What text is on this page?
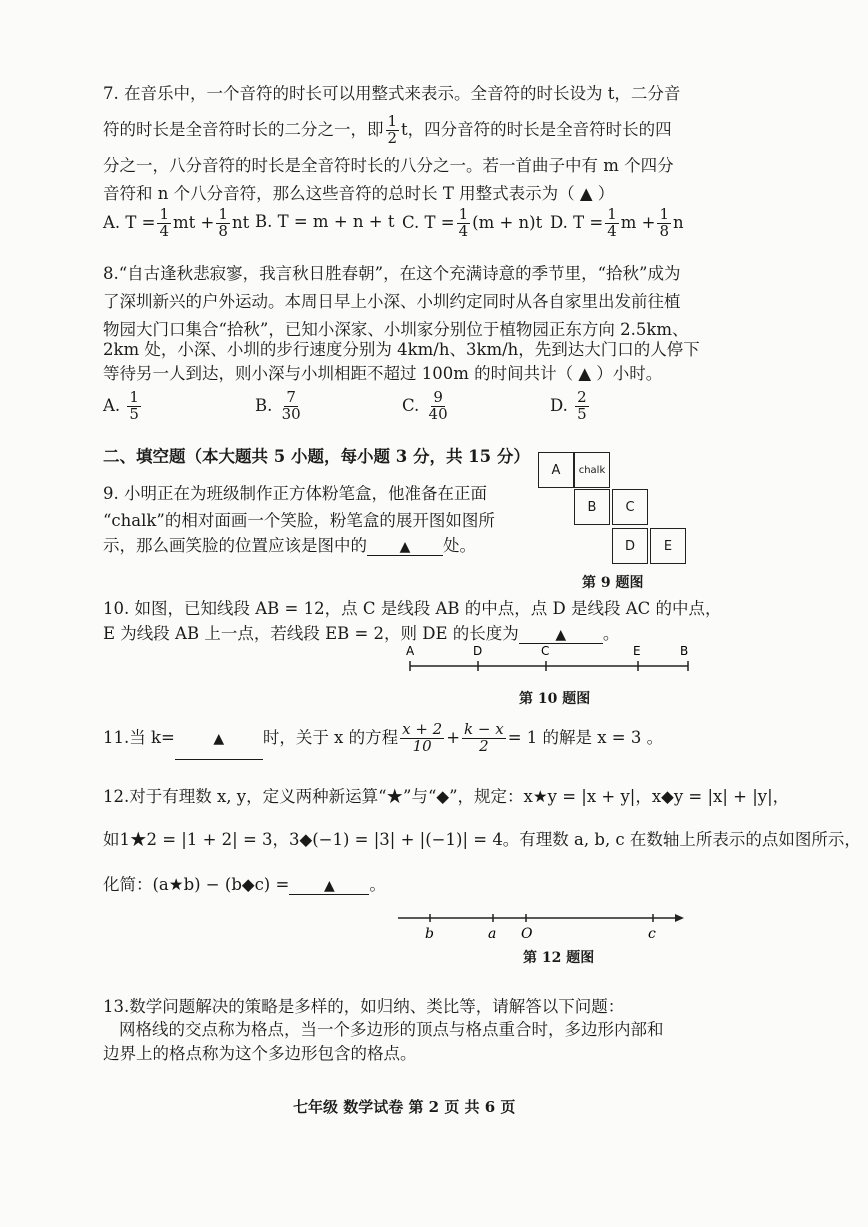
7. 在音乐中，一个音符的时长可以用整式来表示。全音符的时长设为 t，二分音
符的时长是全音符时长的二分之一，即 $\frac{1}{2}$ t，四分音符的时长是全音符时长的四
分之一，八分音符的时长是全音符时长的八分之一。若一首曲子中有 m 个四分
音符和 n 个八分音符，那么这些音符的总时长 T 用整式表示为（ ▲ ）
A. $T = \frac{1}{4}$ mt + $\frac{1}{8}$ nt B. T = m + n + t C. $T = \frac{1}{4} (m + n)t$ D. $T = \frac{1}{4}$ $m + \frac{1}{8}$ n
8.“自古逢秋悲寂寥，我言秋日胜春朝”，在这个充满诗意的季节里，“拾秋”成为
了深圳新兴的户外运动。本周日早上小深、小圳约定同时从各自家里出发前往植
物园大门口集合“拾秋”，已知小深家、小圳家分别位于植物园正东方向 2.5km、
2km 处，小深、小圳的步行速度分别为 4km/h、3km/h，先到达大门口的人停下
等待另一人到达，则小深与小圳相距不超过 100m 的时间共计（ ▲ ）小时。
A. $\frac{1}{5}$	B. $\frac{7}{30}$	C. $\frac{9}{40}$	D. $\frac{2}{5}$
二、填空题（本大题共 5 小题，每小题 3 分，共 15 分）
9. 小明正在为班级制作正方体粉笔盒，他准备在正面
“chalk”的相对面画一个笑脸，粉笔盒的展开图如图所
示，那么画笑脸的位置应该是图中的 ▲ 处。
A	chalk
B	C
D	E
第 9 题图
10. 如图，已知线段 AB = 12，点 C 是线段 AB 的中点，点 D 是线段 AC 的中点，
E 为线段 AB 上一点，若线段 EB = 2，则 DE 的长度为	▲ 。
A	D	C	E	B
第 10 题图
11.当 k=	▲ 时，关于 x 的方程 $\frac{x + 2}{10} + \frac{k - x}{2} = 1$ 的解是 x = 3 。
12.对于有理数 x, y，定义两种新运算“★”与“◆”，规定：x★y = |x + y|，x◆y = |x| + |y|，
如1★2 = |1 + 2| = 3，3◆(−1) = |3| + |(−1)| = 4。有理数 a, b, c 在数轴上所表示的点如图所示，
化简：(a★b) − (b◆c) = ▲ 。
b	a O	c
第 12 题图
13.数学问题解决的策略是多样的，如归纳、类比等，请解答以下问题：
网格线的交点称为格点，当一个多边形的顶点与格点重合时，多边形内部和
边界上的格点称为这个多边形包含的格点。
七年级 数学试卷 第 2 页 共 6 页
